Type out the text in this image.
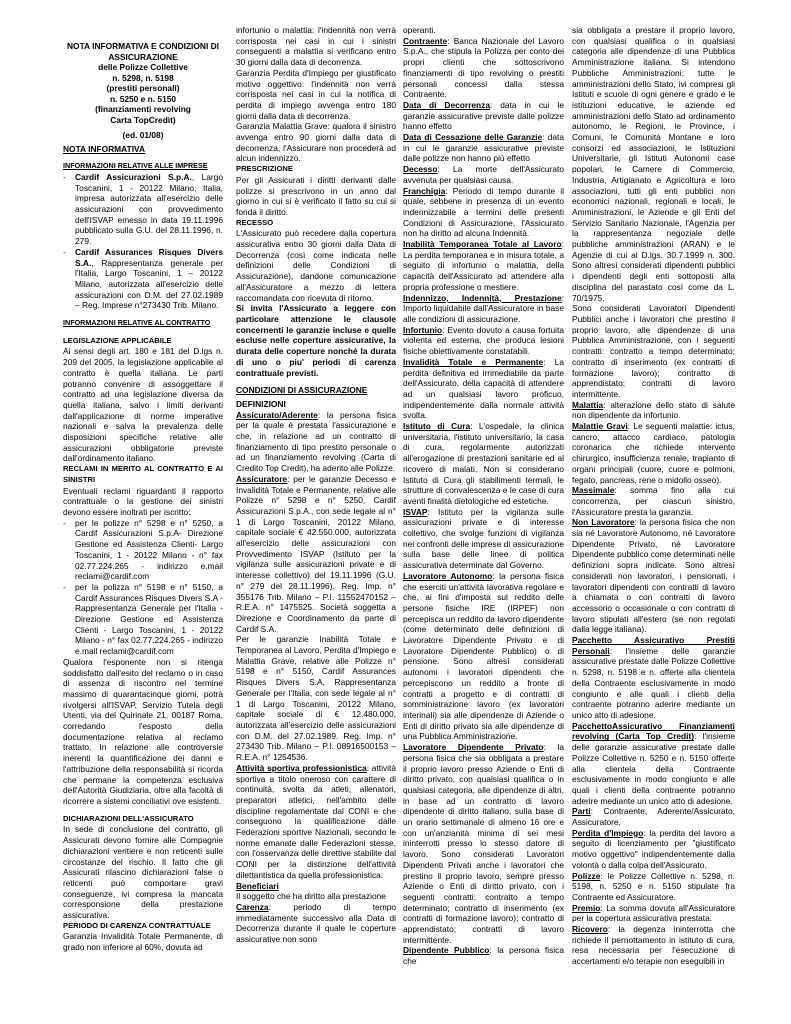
NOTA INFORMATIVA E CONDIZIONI DI ASSICURAZIONE
delle Polizze Collettive
n. 5298, n. 5198
(prestiti personali)
n. 5250 e n. 5150
(finanziamenti revolving
Carta TopCredit)
(ed. 01/08)

NOTA INFORMATIVA

INFORMAZIONI RELATIVE ALLE IMPRESE

- Cardif Assicurazioni S.p.A., Largo Toscanini, 1 - 20122 Milano, Italia, impresa autorizzata all'esercizio delle assicurazioni con provvedimento dell'ISVAP emesso in data 19.11.1996 pubblicato sulla G.U. del 28.11.1996, n. 279.
- Cardif Assurances Risques Divers S.A., Rappresentanza generale per l'Italia, Largo Toscanini, 1 – 20122 Milano, autorizzata all'esercizio delle assicurazioni con D.M. del 27.02.1989 – Reg. Imprese n°273430 Trib. Milano.

INFORMAZIONI RELATIVE AL CONTRATTO

LEGISLAZIONE APPLICABILE

Ai sensi degli art. 180 e 181 del D.lgs n. 209 del 2005, la legislazione applicabile al contratto è quella italiana. Le parti potranno convenire di assoggettare il contratto ad una legislazione diversa da quella italiana, salvo i limiti derivanti dall'applicazione di norme imperative nazionali e salva la prevalenza delle disposizioni specifiche relative alle assicurazioni obbligatorie previste dall'ordinamento italiano.

RECLAMI IN MERITO AL CONTRATTO E AI SINISTRI

Eventuali reclami riguardanti il rapporto contrattuale o la gestione dei sinistri devono essere inoltrati per iscritto:

- per le polizze n° 5298 e n° 5250, a Cardif Assicurazioni S.p.A- Direzione Gestione ed Assistenza Clienti- Largo Toscanini, 1 - 20122 Milano - n° fax 02.77.224.265 - indirizzo e.mail reclami@cardif.com
- per la polizza n° 5198 e n° 5150, a Cardif Assurances Risques Divers S.A - Rappresentanza Generale per l'Italia - Direzione Gestione ed Assistenza Clienti - Largo Toscanini, 1 - 20122 Milano - n° fax 02.77.224.265 - indirizzo e.mail reclami@cardif.com

Qualora l'esponente non si ritenga soddisfatto dall'esito del reclamo o in caso di assenza di riscontro nel termine massimo di quarantacinque giorni, potrà rivolgersi all'ISVAP, Servizio Tutela degli Utenti, via del Quirinale 21, 00187 Roma, corredando l'esposto della documentazione relativa al reclamo trattato. In relazione alle controversie inerenti la quantificazione dei danni e l'attribuzione della responsabilità si ricorda che permane la competenza esclusiva dell'Autorità Giudiziaria, oltre alla facoltà di ricorrere a sistemi conciliativi ove esistenti.

DICHIARAZIONI DELL'ASSICURATO

In sede di conclusione del contratto, gli Assicurati devono fornire alle Compagnie dichiarazioni veritiere e non reticenti sulle circostanze del rischio. Il fatto che gli Assicurati rilascino dichiarazioni false o reticenti può comportare gravi conseguenze, ivi compresa la mancata corresponsione della prestazione assicurativa.

PERIODO DI CARENZA CONTRATTUALE

Garanzia Invalidità Totale Permanente, di grado non inferiore al 60%, dovuta ad

infortunio o malattia: l'indennità non verrà corrisposta nei casi in cui i sinistri conseguenti a malattia si verificano entro 30 giorni dalla data di decorrenza.

Garanzia Perdita d'Impiego per giustificato motivo oggettivo: l'indennità non verrà corrisposta nei casi in cui la notifica di perdita di impiego avvenga entro 180 giorni dalla data di decorrenza.

Garanzia Malattia Grave: qualora il sinistro avvenga entro 90 giorni dalla data di decorrenza, l'Assicurare non procederà ad alcun indennizzo.

PRESCRIZIONE

Per gli Assicurati i diritti derivanti dalle polizze si prescrivono in un anno dal giorno in cui si è verificato il fatto su cui si fonda il diritto.

RECESSO

L'Assicurato può recedere dalla copertura assicurativa entro 30 giorni dalla Data di Decorrenza (così come indicata nelle definizioni delle Condizioni di Assicurazione), dandone comunicazione all'Assicuratore a mezzo di lettera raccomandata con ricevuta di ritorno.

Si invita l'Assicurato a leggere con particolare attenzione le clausole concernenti le garanzie incluse e quelle escluse nelle coperture assicurative, la durata delle coperture nonché la durata di uno o piu' periodi di carenza contrattuale previsti.

CONDIZIONI DI ASSICURAZIONE

DEFINIZIONI

Assicurato/Aderente: la persona fisica per la quale è prestata l'assicurazione e che, in relazione ad un contratto di finanziamento di tipo prestito personale o ad un finanziamento revolving (Carta di Credito Top Credit), ha aderito alle Polizze.

Assicuratore: per le garanzie Decesso e Invalidità Totale e Permanente, relative alle Polizze n° 5298 e n° 5250, Cardif Assicurazioni S.p.A., con sede legale al n° 1 di Largo Toscanini, 20122 Milano, capitale sociale € 42.550.000, autorizzata all'esercizio delle assicurazioni con Provvedimento ISVAP (Istituto per la vigilanza sulle assicurazioni private e di interesse collettivo) del 19.11.1996 (G.U. n° 279 del 28.11.1996). Reg. Imp. n° 355176 Trib. Milano – P.I. 11552470152 – R.E.A. n° 1475525. Società soggetta a Direzione e Coordinamento da parte di Cardif S.A.

Per le garanzie Inabilità Totale e Temporanea al Lavoro, Perdita d'Impiego e Malattia Grave, relative alle Polizze n° 5198 e n° 5150, Cardif Assurances Risques Divers S.A, Rappresentanza Generale per l'Italia, con sede legale al n° 1 di Largo Toscanini, 20122 Milano, capitale sociale di € 12.480.000, autorizzata all'esercizio delle assicurazioni con D.M. del 27.02.1989. Reg. Imp. n° 273430 Trib. Milano – P.I. 08916500153 – R.E.A. n° 1254536.

Attività sportiva professionistica: attività sportiva a titolo oneroso con carattere di continuità, svolta da atleti, allenatori, preparatori atletici, nell'ambito delle discipline regolamentate dal CONI e che conseguono la qualificazione dalle Federazioni sportive Nazionali, secondo le norme emanate dalle Federazioni stesse, con l'osservanza delle direttive stabilite dal CONI per la distinzione dell'attività dilettantistica da quella professionistica.

Beneficiari

Il soggetto che ha diritto alla prestazione

Carenza: periodo di tempo immediatamente successivo alla Data di Decorrenza durante il quale le coperture assicurative non sono

operanti.

Contraente: Banca Nazionale del Lavoro S.p.A., che stipula la Polizza per conto dei propri clienti che sottoscrivono finanziamenti di tipo revolving o prestiti personali concessi dalla stessa Contraente.

Data di Decorrenza: data in cui le garanzie assicurative previste dalle polizze hanno effetto

Data di Cessazione delle Garanzie: data in cui le garanzie assicurative previste dalle polizze non hanno più effetto

Decesso: La morte dell'Assicurato avvenuta per qualsiasi causa.

Franchigia: Periodo di tempo durante il quale, sebbene in presenza di un evento indennizzabile a termini delle presenti Condizioni di Assicurazione, l'Assicurato non ha diritto ad alcuna Indennità.

Inabilità Temporanea Totale al Lavoro: La perdita temporanea e in misura totale, a seguito di infortunio o malattia, della capacità dell'Assicurato ad attendere alla propria professione o mestiere.

Indennizzo, Indennità, Prestazione: Importo liquidabile dall'Assicuratore in base alle condizioni di assicurazione.

Infortunio: Evento dovuto a causa fortuita violenta ed esterna, che produca lesioni fisiche obiettivamente constatabili.

Invalidità Totale e Permanente: La perdita definitiva ed irrimediabile da parte dell'Assicurato, della capacità di attendere ad un qualsiasi lavoro proficuo, indipendentemente dalla normale attività svolta.

Istituto di Cura: L'ospedale, la clinica universitaria, l'istituto universitario, la casa di cura, regolarmente autorizzati all'erogazione di prestazioni sanitarie ed al ricovero di malati. Non si considerano Istituto di Cura gli stabilimenti termali, le strutture di convalescenza e le case di cura aventi finalità dietologiche ed estetiche.

ISVAP: Istituto per la vigilanza sulle assicurazioni private e di interesse collettivo, che svolge funzioni di vigilanza nei confronti delle imprese di assicurazione sulla base delle linee di politica assicurativa determinate dal Governo.

Lavoratore Autonomo: la persona fisica che eserciti un'attività lavorativa regolare e che, ai fini d'imposta sul reddito delle persone fisiche IRE (IRPEF) non percepisca un reddito da lavoro dipendente (come determinato delle definizioni di Lavoratore Dipendente Privato e di Lavoratore Dipendente Pubblico) o di pensione. Sono altresì considerati autonomi i lavoratori dipendenti che percepiscono un reddito a fronte di contratti a progetto e di contratti di somministrazione lavoro (ex lavoratori interinali) sia alle dipendenze di Aziende o Enti di diritto privato sia alle dipendenze di una Pubblica Amministrazione.

Lavoratore Dipendente Privato: la persona fisica che sia obbligata a prestare il proprio lavoro presso Aziende o Enti di diritto privato, con qualsiasi qualifica o in qualsiasi categoria, alle dipendenze di altri, in base ad un contratto di lavoro dipendente di diritto italiano, sulla base di un orario settimanale di almeno 16 ore e con un'anzianità minima di sei mesi ininterrotti presso lo stesso datore di lavoro. Sono considerati Lavoratori Dipendenti Privati anche i lavoratori che prestino il proprio lavoro, sempre presso Aziende o Enti di diritto privato, con i seguenti contratti: contratto a tempo determinato; contratto di inserimento (ex contratti di formazione lavoro); contratto di apprendistato; contratti di lavoro intermittente.

Dipendente Pubblico: la persona fisica che

sia obbligata a prestare il proprio lavoro, con qualsiasi qualifica o in qualsiasi categoria alle dipendenze di una Pubblica Amministrazione italiana. Si intendono Pubbliche Amministrazioni: tutte le amministrazioni dello Stato, ivi compresi gli Istituti e scuole di ogni genere e grado e le istituzioni educative, le aziende ed amministrazioni dello Stato ad ordinamento autonomo, le Regioni, le Province, i Comuni, le Comunità Montane e loro consorzi ed associazioni, le Istituzioni Universitarie, gli Istituti Autonomi case popolari, le Camere di Commercio, Industria, Artigianato e Agricoltura e loro associazioni, tutti gli enti pubblici non economici nazionali, regionali e locali, le Amministrazioni, le Aziende e gli Enti del Servizio Sanitario Nazionale, l'Agenzia per la rappresentanza negoziale delle pubbliche amministrazioni (ARAN) e le Agenzie di cui al D.lgs. 30.7.1999 n. 300. Sono altresì considerati dipendenti pubblici i dipendenti degli enti sottoposti alla disciplina del parastato così come da L. 70/1975.

Sono considerati Lavoratori Dipendenti Pubblici anche i lavoratori che prestino il proprio lavoro, alle dipendenze di una Pubblica Amministrazione, con i seguenti contratti: contratto a tempo determinato; contratto di inserimento (ex contratti di formazione lavoro); contratto di apprendistato; contratti di lavoro intermittente.

Malattia: alterazione dello stato di salute non dipendente da infortunio.

Malattie Gravi: Le seguenti malattie: ictus, cancro, attacco cardiaco, patologia coronarica che richiede intervento chirurgico, insufficienza renale, trapianto di organi principali (cuore, cuore e polmoni, fegato, pancreas, rene o midollo osseo).

Massimale: somma fino alla cui concorrenza, per ciascun sinistro, l'Assicuratore presta la garanzia.

Non Lavoratore: la persona fisica che non sia né Lavoratore Autonomo, né Lavoratore Dipendente Privato, né Lavoratore Dipendente pubblico come determinati nelle definizioni sopra indicate. Sono altresì considerati non lavoratori, i pensionati, i lavoratori dipendenti con contratti di lavoro a chiamata o con contratti di lavoro accessorio o occasionale o con contratti di lavoro stipulati all'estero (se non regolati dalla legge italiana).

Pacchetto Assicurativo Prestiti Personali: l'insieme delle garanzie assicurative prestate dalle Polizze Collettive n. 5298, n. 5198 e n. offerte alla clientela della Contraente esclusivamente in modo congiunto e alle quali i clienti della contraente potranno aderire mediante un unico atto di adesione.

PacchettoAssicurativo Finanziamenti revolving (Carta Top Credit): l'insieme delle garanzie assicurative prestate dalle Polizze Collettive n. 5250 e n. 5150 offerte alla clientela della Contraente esclusivamente in modo congiunto e alle quali i clienti della contraente potranno aderire mediante un unico atto di adesione.

Parti: Contraente, Aderente/Assicurato, Assicuratore.

Perdita d'Impiego: la perdita del lavoro a seguito di licenziamento per "giustificato motivo oggettivo" indipendentemente dalla volontà o dalla colpa dell'Assicurato.

Polizze: le Polizze Collettive n. 5298, n. 5198, n. 5250 e n. 5150 stipulate fra Contraente ed Assicuratore.

Premio: La somma dovuta all'Assicuratore per la copertura assicurativa prestata.

Ricovero: la degenza ininterrotta che richiede il pernottamento in istituto di cura, resa necessaria per l'esecuzione di accertamenti e/o terapie non eseguibili in
